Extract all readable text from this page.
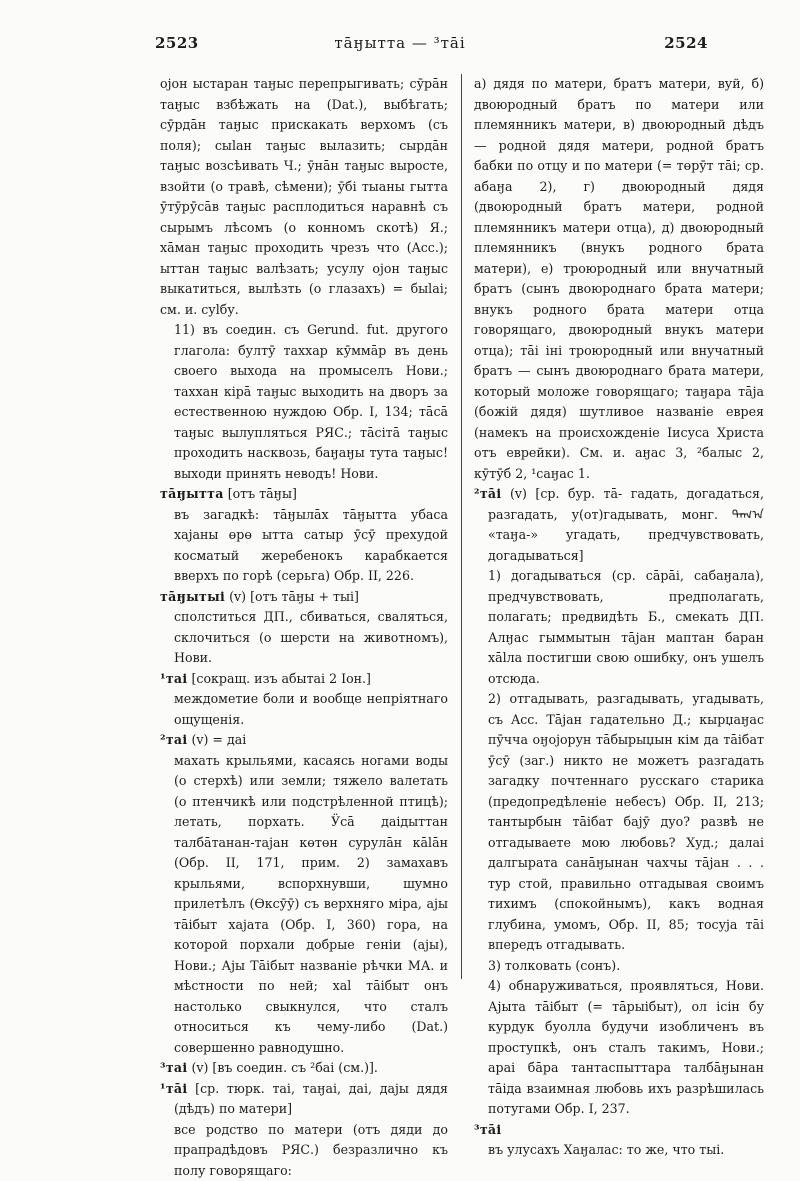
2523	тāӈытта — ³тāі	2524
ојон ыстаpан таӈыс перепрыгивать; сӯрāн таӈыс взбѣжать на (Dat.), выбѣгать; сӯрдāн таӈыс прискакать верхомъ (съ поля); сыlан таӈыс вылазить; сырдāн таӈыс возсѣивать Ч.; ӯнāн таӈыс выросте, взойти (о травѣ, сѣмени); ӯбі тыаны гытта ӯтӯрӯсāв таӈыс расплодиться наравнѣ съ сырымъ лѣсомъ (о конномъ скотѣ) Я.; хāман таӈыс проходить чрезъ что (Acc.); ыттан таӈыс валѣзать; усулу ојон таӈыс выкатиться, вылѣзть (о глазахъ) = быlаі; см. и. суlбу.
11) въ соедин. съ Gerund. fut. другого глагола: бултӯ таххар кӯммāр въ день своего выхода на промыселъ Нови.; таххан кірā таӈыс выходить на дворъ за естественною нуждою Обр. I, 134; тāсā таӈыс вылупляться РЯС.; тāсітā таӈыс проходить насквозь, баӈаӈы тута таӈыс! выходи принять неводъ! Нови.
тāӈытта [отъ тāӈы]
въ загадкѣ: тāӈылāх тāӈытта убаса хаjаны өрө ытта сатыр ӯсӯ прехудой косматый жеребенокъ карабкается вверхъ по горѣ (серьга) Обр. II, 226.
тāӈытыі (v) [отъ тāӈы + тыі]
сполститься ДП., сбиваться, сваляться, склочиться (о шерсти на животномъ), Нови.
¹таі [сокращ. изъ абытаі 2 Іон.]
междометие боли и вообще непріятнаго ощущенія.
²таі (v) = даі
махать крыльями, касаясь ногами воды (о стерхѣ) или земли; тяжело валетать (о птенчикѣ или подстрѣленной птицѣ); летать, порхать. Ӱсā даідыттан талбāтанан-таjан көтөн сурулāн кālāн (Обр. II, 171, прим. 2) замахавъ крыльями, вспорхнувши, шумно прилетѣлъ (Өксӯӯ) съ верхняго міра, аjы тāібыт хаjата (Обр. I, 360) гора, на которой порхали добрые геніи (аjы), Нови.; Аjы Тāібыт названіе рѣчки МА. и мѣстности по ней; хаl тāібыт онъ настолько свыкнулся, что сталъ относиться къ чему-либо (Dat.) совершенно равнодушно.
³таі (v) [въ соедин. съ ²баі (см.)].
¹тāі [ср. тюрк. таі, таӈаі, даі, даjы дядя (дѣдъ) по матери]
все родство по матери (отъ дяди до прапрадѣдовъ РЯС.) безразлично къ полу говорящаго:
а) дядя по матери, братъ матери, вуй, б) двоюродный братъ по матери или племянникъ матери, в) двоюродный дѣдъ — родной дядя матери, родной братъ бабки по отцу и по матери (= төрӯт тāі; ср. абаӈа 2), г) двоюродный дядя (двоюродный братъ матери, родной племянникъ матери отца), д) двоюродный племянникъ (внукъ родного брата матери), е) троюродный или внучатный братъ (сынъ двоюроднаго брата матери; внукъ родного брата матери отца говорящаго, двоюродный внукъ матери отца); тāі іні троюродный или внучатный братъ — сынъ двоюроднаго брата матери, который моложе говорящаго; таӈара тāја (божій дядя) шутливое названіе еврея (намекъ на происхожденіе Іисуса Христа отъ еврейки). См. и. аӈас 3, ²балыс 2, кӯтӯб 2, ¹саӈас 1.
²тāі (v) [ср. бур. тā- гадать, догадаться, разгадать, у(от)гадывать, монг. ᠲᠠᠭ᠎ᠠ «таӈа-» угадать, предчувствовать, догадываться]
1) догадываться (ср. сāрāі, сабаӈала), предчувствовать, предполагать, полагать; предвидѣть Б., смекать ДП. Алӈас гыммытын тāјан маптан баран хālла постигши свою ошибку, онъ ушелъ отсюда.
2) отгадывать, разгадывать, угадывать, съ Acc. Тāјан гадательно Д.; кырџаӈас пӯчча оӈојорун тāбырыџын кім да тāібат ӯсӯ (заг.) никто не можетъ разгадать загадку почтеннаго русскаго старика (предопредѣленіе небесъ) Обр. II, 213; тантырбын тāібат баjӯ дуо? развѣ не отгадываете мою любовь? Худ.; далаі далгырата санāӈынан чахчы тāјан . . . тур стой, правильно отгадывая своимъ тихимъ (спокойнымъ), какъ водная глубина, умомъ, Обр. II, 85; тосуја тāі впередъ отгадывать.
3) толковать (сонъ).
4) обнаруживаться, проявляться, Нови. Аjыта тāібыт (= тāрыібыт), ол ісін бу курдук буолла будучи изобличенъ въ проступкѣ, онъ сталъ такимъ, Нови.; араі бāра тантаспыттара талбāӈынан тāіда взаимная любовь ихъ разрѣшилась потугами Обр. I, 237.
³тāі
въ улусахъ Хаӈалас: то же, что тыі.
